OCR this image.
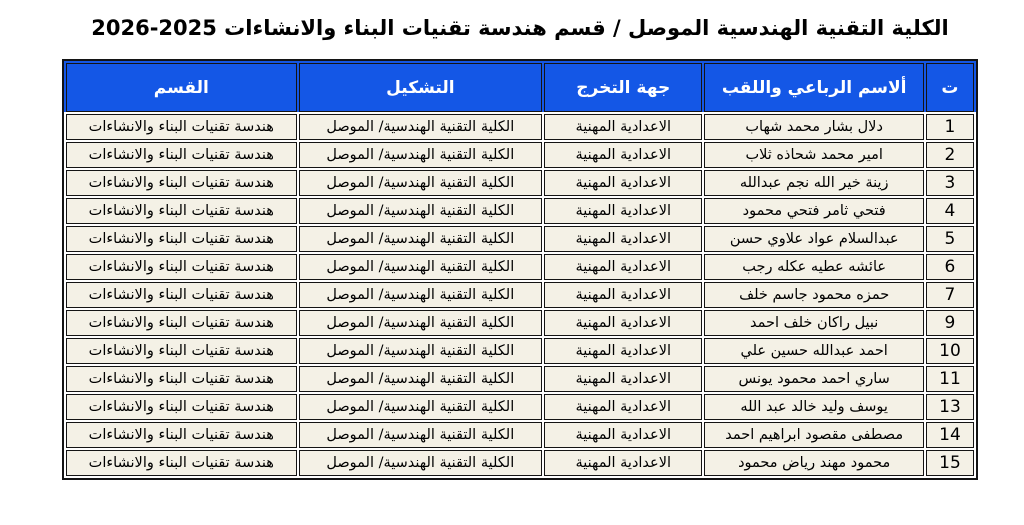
الكلية التقنية الهندسية الموصل / قسم هندسة تقنيات البناء والانشاءات 2025-2026
ت	ألاسم الرباعي واللقب	جهة التخرج	التشكيل	القسم
1	دلال بشار محمد شهاب	الاعدادية المهنية	الكلية التقنية الهندسية/ الموصل	هندسة تقنيات البناء والانشاءات
2	امير محمد شحاذه ثلاب	الاعدادية المهنية	الكلية التقنية الهندسية/ الموصل	هندسة تقنيات البناء والانشاءات
3	زينة خير الله نجم عبدالله	الاعدادية المهنية	الكلية التقنية الهندسية/ الموصل	هندسة تقنيات البناء والانشاءات
4	فتحي ثامر فتحي محمود	الاعدادية المهنية	الكلية التقنية الهندسية/ الموصل	هندسة تقنيات البناء والانشاءات
5	عبدالسلام عواد علاوي حسن	الاعدادية المهنية	الكلية التقنية الهندسية/ الموصل	هندسة تقنيات البناء والانشاءات
6	عائشه عطيه عكله رجب	الاعدادية المهنية	الكلية التقنية الهندسية/ الموصل	هندسة تقنيات البناء والانشاءات
7	حمزه محمود جاسم خلف	الاعدادية المهنية	الكلية التقنية الهندسية/ الموصل	هندسة تقنيات البناء والانشاءات
9	نبيل راكان خلف احمد	الاعدادية المهنية	الكلية التقنية الهندسية/ الموصل	هندسة تقنيات البناء والانشاءات
10	احمد عبدالله حسين علي	الاعدادية المهنية	الكلية التقنية الهندسية/ الموصل	هندسة تقنيات البناء والانشاءات
11	ساري احمد محمود يونس	الاعدادية المهنية	الكلية التقنية الهندسية/ الموصل	هندسة تقنيات البناء والانشاءات
13	يوسف وليد خالد عبد الله	الاعدادية المهنية	الكلية التقنية الهندسية/ الموصل	هندسة تقنيات البناء والانشاءات
14	مصطفى مقصود ابراهيم احمد	الاعدادية المهنية	الكلية التقنية الهندسية/ الموصل	هندسة تقنيات البناء والانشاءات
15	محمود مهند رياض محمود	الاعدادية المهنية	الكلية التقنية الهندسية/ الموصل	هندسة تقنيات البناء والانشاءات
